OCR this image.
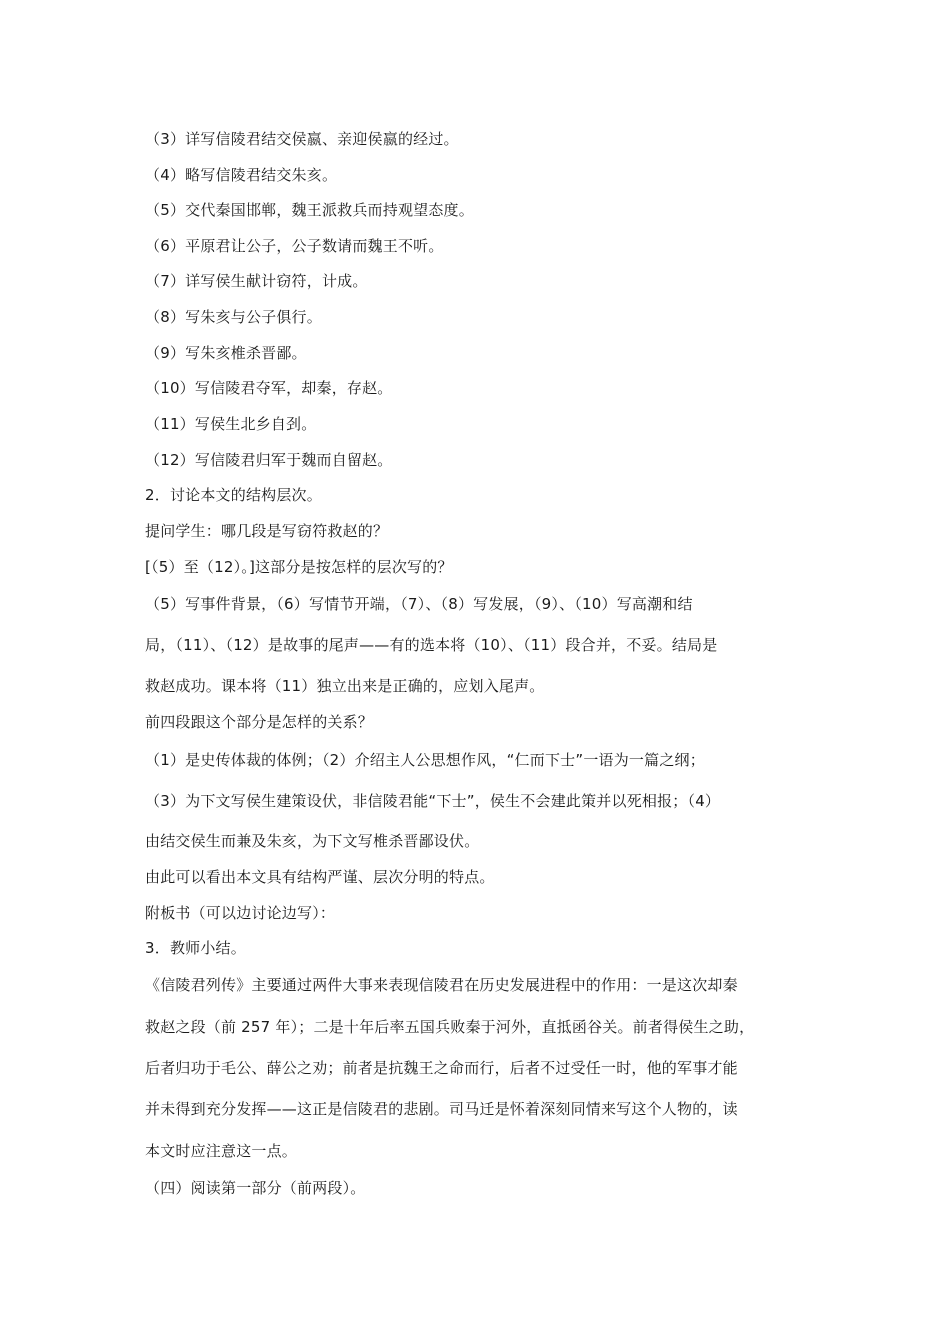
（3）详写信陵君结交侯嬴、亲迎侯嬴的经过。
（4）略写信陵君结交朱亥。
（5）交代秦国邯郸，魏王派救兵而持观望态度。
（6）平原君让公子，公子数请而魏王不听。
（7）详写侯生献计窃符，计成。
（8）写朱亥与公子俱行。
（9）写朱亥椎杀晋鄙。
（10）写信陵君夺军，却秦，存赵。
（11）写侯生北乡自刭。
（12）写信陵君归军于魏而自留赵。
2．讨论本文的结构层次。
提问学生：哪几段是写窃符救赵的？
[（5）至（12）。]这部分是按怎样的层次写的？
（5）写事件背景，（6）写情节开端，（7）、（8）写发展，（9）、（10）写高潮和结
局，（11）、（12）是故事的尾声——有的选本将（10）、（11）段合并，不妥。结局是
救赵成功。课本将（11）独立出来是正确的，应划入尾声。
前四段跟这个部分是怎样的关系？
（1）是史传体裁的体例；（2）介绍主人公思想作风，“仁而下士”一语为一篇之纲；
（3）为下文写侯生建策设伏，非信陵君能“下士”，侯生不会建此策并以死相报；（4）
由结交侯生而兼及朱亥，为下文写椎杀晋鄙设伏。
由此可以看出本文具有结构严谨、层次分明的特点。
附板书（可以边讨论边写）：
3．教师小结。
《信陵君列传》主要通过两件大事来表现信陵君在历史发展进程中的作用：一是这次却秦
救赵之段（前 257 年）；二是十年后率五国兵败秦于河外，直抵函谷关。前者得侯生之助，
后者归功于毛公、薛公之劝；前者是抗魏王之命而行，后者不过受任一时，他的军事才能
并未得到充分发挥——这正是信陵君的悲剧。司马迁是怀着深刻同情来写这个人物的，读
本文时应注意这一点。
（四）阅读第一部分（前两段）。
